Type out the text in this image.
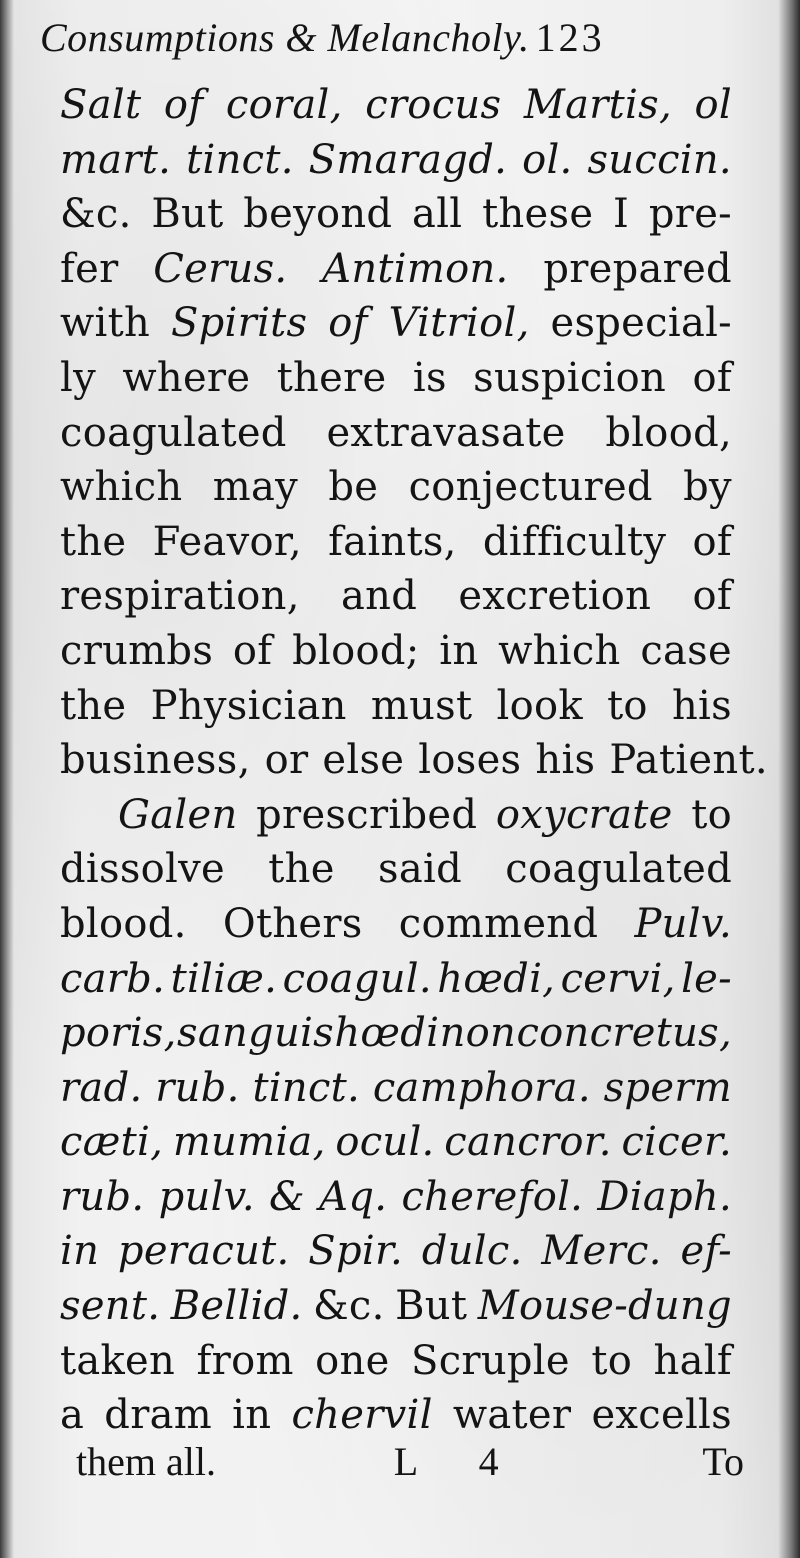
Consumptions & Melancholy. 123
Salt of coral, crocus Martis, ol
mart. tinct. Smaragd. ol. succin.
&c. But beyond all these I pre-
fer Cerus. Antimon. prepared
with Spirits of Vitriol, especial-
ly where there is suspicion of
coagulated extravasate blood,
which may be conjectured by
the Feavor, faints, difficulty of
respiration, and excretion of
crumbs of blood; in which case
the Physician must look to his
business, or else loses his Patient.
Galen prescribed oxycrate to
dissolve the said coagulated
blood. Others commend Pulv.
carb. tiliæ. coagul. hœdi, cervi, le-
poris, sanguis hœdi non concretus,
rad. rub. tinct. camphora. sperm
cæti, mumia, ocul. cancror. cicer.
rub. pulv. & Aq. cherefol. Diaph.
in peracut. Spir. dulc. Merc. ef-
sent. Bellid. &c. But Mouse-dung
taken from one Scruple to half
a dram in chervil water excells
them all.	L 4	To
